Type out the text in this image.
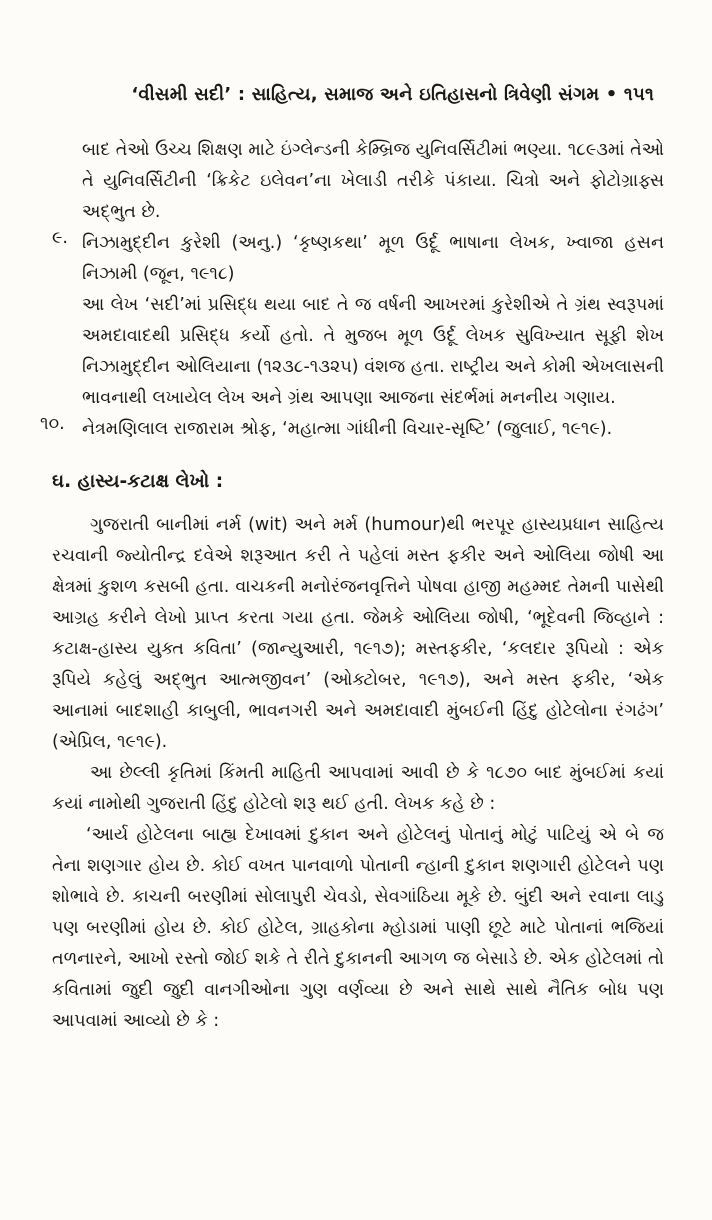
‘વીસમી સદી’ : સાહિત્ય, સમાજ અને ઇતિહાસનો ત્રિવેણી સંગમ • ૧૫૧

બાદ તેઓ ઉચ્ચ શિક્ષણ માટે ઇંગ્લેન્ડની કેમ્બ્રિજ યુનિવર્સિટીમાં ભણ્યા. ૧૮૯૩માં તેઓ તે યુનિવર્સિટીની ‘ક્રિકેટ ઇલેવન’ના ખેલાડી તરીકે પંકાયા. ચિત્રો અને ફોટોગ્રાફ્સ અદ્ભુત છે.

૯. નિઝામુદ્દીન કુરેશી (અનુ.) ‘કૃષ્ણકથા’ મૂળ ઉર્દૂ ભાષાના લેખક, ખ્વાજા હસન નિઝામી (જૂન, ૧૯૧૮)

આ લેખ ‘સદી’માં પ્રસિદ્ધ થયા બાદ તે જ વર્ષની આખરમાં કુરેશીએ તે ગ્રંથ સ્વરૂપમાં અમદાવાદથી પ્રસિદ્ધ કર્યો હતો. તે મુજબ મૂળ ઉર્દૂ લેખક સુવિખ્યાત સૂફી શેખ નિઝામુદ્દીન ઓલિયાના (૧૨૩૮-૧૩૨૫) વંશજ હતા. રાષ્ટ્રીય અને કોમી એખલાસની ભાવનાથી લખાયેલ લેખ અને ગ્રંથ આપણા આજના સંદર્ભમાં મનનીય ગણાય.

૧૦. નેત્રમણિલાલ રાજારામ શ્રોફ, ‘મહાત્મા ગાંધીની વિચાર-સૃષ્ટિ’ (જુલાઈ, ૧૯૧૯).

ઘ. હાસ્ય-કટાક્ષ લેખો :

ગુજરાતી બાનીમાં નર્મ (wit) અને મર્મ (humour)થી ભરપૂર હાસ્યપ્રધાન સાહિત્ય રચવાની જ્યોતીન્દ્ર દવેએ શરૂઆત કરી તે પહેલાં મસ્ત ફકીર અને ઓલિયા જોષી આ ક્ષેત્રમાં કુશળ કસબી હતા. વાચકની મનોરંજનવૃત્તિને પોષવા હાજી મહમ્મદ તેમની પાસેથી આગ્રહ કરીને લેખો પ્રાપ્ત કરતા ગયા હતા. જેમકે ઓલિયા જોષી, ‘ભૂદેવની જિવ્હાને : કટાક્ષ-હાસ્ય યુક્ત કવિતા’ (જાન્યુઆરી, ૧૯૧૭); મસ્તફકીર, ‘કલદાર રૂપિયો : એક રૂપિયે કહેલું અદ્ભુત આત્મજીવન’ (ઓક્ટોબર, ૧૯૧૭), અને મસ્ત ફકીર, ‘એક આનામાં બાદશાહી કાબુલી, ભાવનગરી અને અમદાવાદી મુંબઈની હિંદુ હોટેલોના રંગઢંગ’ (એપ્રિલ, ૧૯૧૯).

આ છેલ્લી કૃતિમાં કિંમતી માહિતી આપવામાં આવી છે કે ૧૮૭૦ બાદ મુંબઈમાં કયાં કયાં નામોથી ગુજરાતી હિંદુ હોટેલો શરૂ થઈ હતી. લેખક કહે છે :

‘આર્ય હોટેલના બાહ્ય દેખાવમાં દુકાન અને હોટેલનું પોતાનું મોટું પાટિયું એ બે જ તેના શણગાર હોય છે. કોઈ વખત પાનવાળો પોતાની ન્હાની દુકાન શણગારી હોટેલને પણ શોભાવે છે. કાચની બરણીમાં સોલાપુરી ચેવડો, સેવગાંઠિયા મૂકે છે. બુંદી અને રવાના લાડુ પણ બરણીમાં હોય છે. કોઈ હોટેલ, ગ્રાહકોના મ્હોડામાં પાણી છૂટે માટે પોતાનાં ભજિયાં તળનારને, આખો રસ્તો જોઈ શકે તે રીતે દુકાનની આગળ જ બેસાડે છે. એક હોટેલમાં તો કવિતામાં જુદી જુદી વાનગીઓના ગુણ વર્ણવ્યા છે અને સાથે સાથે નૈતિક બોધ પણ આપવામાં આવ્યો છે કે :
